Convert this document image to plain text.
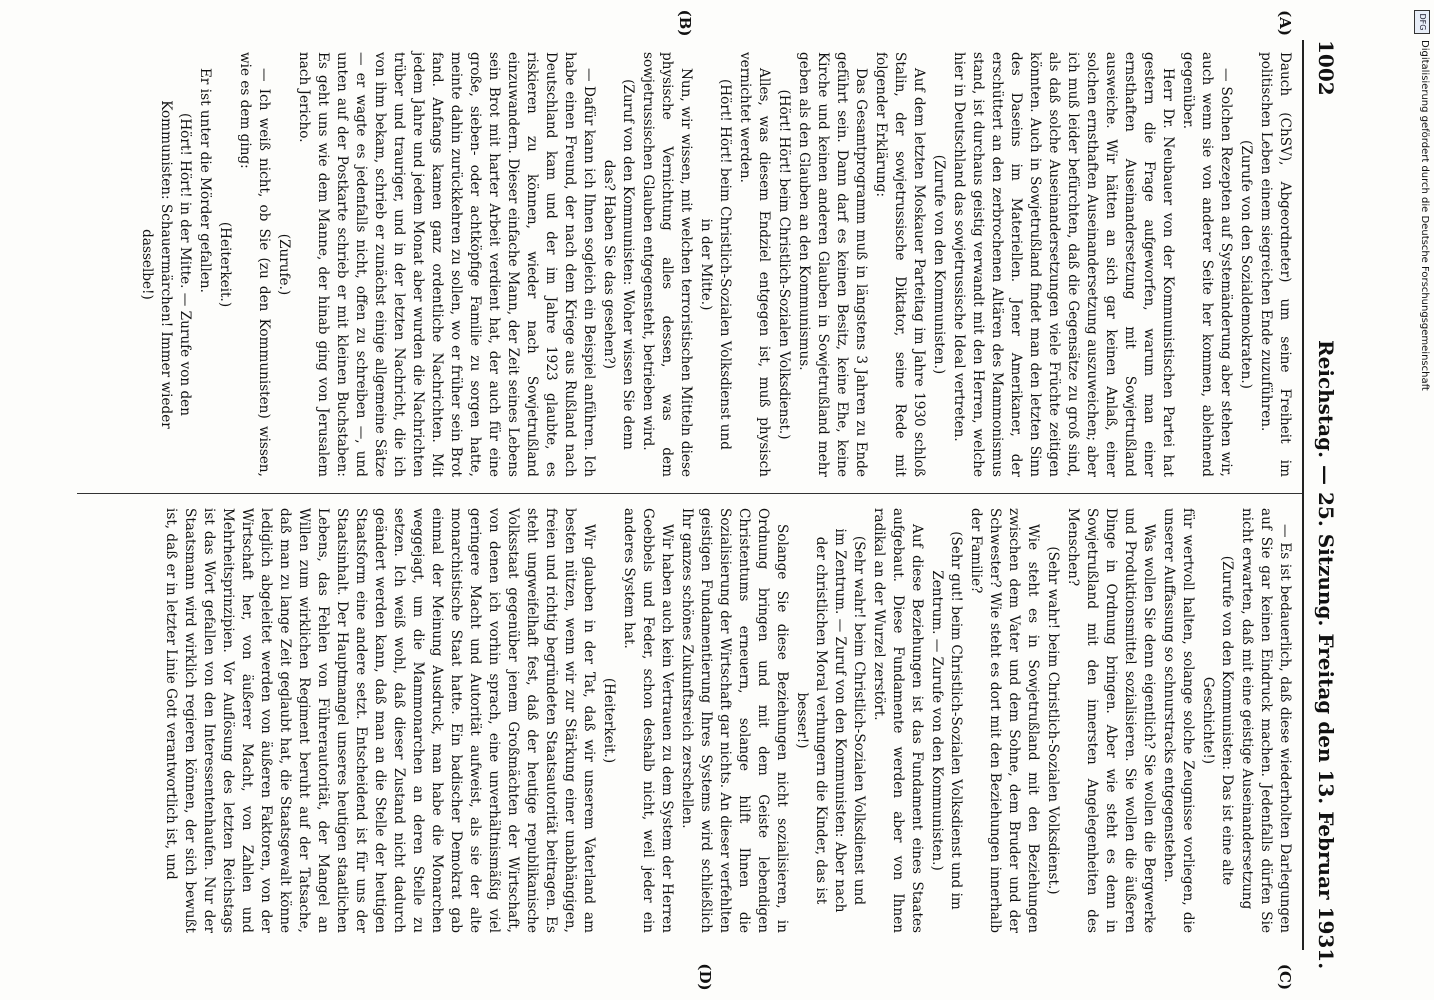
DFG
Digitalisierung gefördert durch die Deutsche Forschungsgemeinschaft
1002
Reichstag. — 25. Sitzung. Freitag den 13. Februar 1931.
(A)
(B)
(C)
(D)

Dauch (ChSV), Abgeordneter) um seine Freiheit im politischen Leben einem siegreichen Ende zuzuführen.

(Zurufe von den Sozialdemokraten.)

— Solchen Rezepten auf Systemänderung aber stehen wir, auch wenn sie von anderer Seite her kommen, ablehnend gegenüber.

Herr Dr. Neubauer von der Kommunistischen Partei hat gestern die Frage aufgeworfen, warum man einer ernsthaften Auseinandersetzung mit Sowjetrußland ausweiche. Wir hätten an sich gar keinen Anlaß, einer solchen ernsthaften Auseinandersetzung auszuweichen; aber ich muß leider befürchten, daß die Gegensätze zu groß sind, als daß solche Auseinandersetzungen viele Früchte zeitigen könnten. Auch in Sowjetrußland findet man den letzten Sinn des Daseins im Materiellen. Jener Amerikaner, der erschüttert an den zerbrochenen Altären des Mammonismus stand, ist durchaus geistig verwandt mit den Herren, welche hier in Deutschland das sowjetrussische Ideal vertreten.

(Zurufe von den Kommunisten.)

Auf dem letzten Moskauer Parteitag im Jahre 1930 schloß Stalin, der sowjetrussische Diktator, seine Rede mit folgender Erklärung:

Das Gesamtprogramm muß in längstens 3 Jahren zu Ende geführt sein. Dann darf es keinen Besitz, keine Ehe, keine Kirche und keinen anderen Glauben in Sowjetrußland mehr geben als den Glauben an den Kommunismus.

(Hört! Hört! beim Christlich-Sozialen Volksdienst.)

Alles, was diesem Endziel entgegen ist, muß physisch vernichtet werden.

(Hört! Hört! beim Christlich-Sozialen Volksdienst und in der Mitte.)

Nun, wir wissen, mit welchen terroristischen Mitteln diese physische Vernichtung alles dessen, was dem sowjetrussischen Glauben entgegensteht, betrieben wird.

(Zuruf von den Kommunisten: Woher wissen Sie denn das? Haben Sie das gesehen?)

— Dafür kann ich Ihnen sogleich ein Beispiel anführen. Ich habe einen Freund, der nach dem Kriege aus Rußland nach Deutschland kam und der im Jahre 1923 glaubte, es riskieren zu können, wieder nach Sowjetrußland einzuwandern. Dieser einfache Mann, der Zeit seines Lebens sein Brot mit harter Arbeit verdient hat, der auch für eine große, sieben- oder achtköpfige Familie zu sorgen hatte, meinte dahin zurückkehren zu sollen, wo er früher sein Brot fand. Anfangs kamen ganz ordentliche Nachrichten. Mit jedem Jahre und jedem Monat aber wurden die Nachrichten trüber und trauriger, und in der letzten Nachricht, die ich von ihm bekam, schrieb er zunächst einige allgemeine Sätze — er wagte es jedenfalls nicht, offen zu schreiben —, und unten auf der Postkarte schrieb er mit kleinen Buchstaben: Es geht uns wie dem Manne, der hinab ging von Jerusalem nach Jericho.

(Zurufe.)

— Ich weiß nicht, ob Sie (zu den Kommunisten) wissen, wie es dem ging:

(Heiterkeit.)

Er ist unter die Mörder gefallen.

(Hört! Hört! in der Mitte. — Zurufe von den Kommunisten: Schauermärchen! Immer wieder dasselbe!)

— Es ist bedauerlich, daß diese wiederholten Darlegungen auf Sie gar keinen Eindruck machen. Jedenfalls dürfen Sie nicht erwarten, daß mit eine geistige Auseinandersetzung

(Zurufe von den Kommunisten: Das ist eine alte Geschichte!)

für wertvoll halten, solange solche Zeugnisse vorliegen, die unserer Auffassung so schnurstracks entgegenstehen.

Was wollen Sie denn eigentlich? Sie wollen die Bergwerke und Produktionsmittel sozialisieren. Sie wollen die äußeren Dinge in Ordnung bringen. Aber wie steht es denn in Sowjetrußland mit den innersten Angelegenheiten des Menschen?

(Sehr wahr! beim Christlich-Sozialen Volksdienst.)

Wie steht es in Sowjetrußland mit den Beziehungen zwischen dem Vater und dem Sohne, dem Bruder und der Schwester? Wie steht es dort mit den Beziehungen innerhalb der Familie?

(Sehr gut! beim Christlich-Sozialen Volksdienst und im Zentrum. — Zurufe von den Kommunisten.)

Auf diese Beziehungen ist das Fundament eines Staates aufgebaut. Diese Fundamente werden aber von Ihnen radikal an der Wurzel zerstört.

(Sehr wahr! beim Christlich-Sozialen Volksdienst und im Zentrum. — Zuruf von den Kommunisten: Aber nach der christlichen Moral verhungern die Kinder, das ist besser!)

Solange Sie diese Beziehungen nicht sozialisieren, in Ordnung bringen und mit dem Geiste lebendigen Christentums erneuern, solange hilft Ihnen die Sozialisierung der Wirtschaft gar nichts. An dieser verfehlten geistigen Fundamentierung Ihres Systems wird schließlich Ihr ganzes schönes Zukunftsreich zerschellen.

Wir haben auch kein Vertrauen zu dem System der Herren Goebbels und Feder, schon deshalb nicht, weil jeder ein anderes System hat.

(Heiterkeit.)

Wir glauben in der Tat, daß wir unserem Vaterland am besten nützen, wenn wir zur Stärkung einer unabhängigen, freien und richtig begründeten Staatsautorität beitragen. Es steht ungweifelhaft fest, daß der heutige republikanische Volksstaat gegenüber jenem Großmächten der Wirtschaft, von denen ich vorhin sprach, eine unverhältnismäßig viel geringere Macht und Autorität aufweist, als sie der alte monarchistische Staat hatte. Ein badischer Demokrat gab einmal der Meinung Ausdruck, man habe die Monarchen weggejagt, um die Mammonarchen an deren Stelle zu setzen. Ich weiß wohl, daß dieser Zustand nicht dadurch geändert werden kann, daß man an die Stelle der heutigen Staatsform eine andere setzt. Entscheidend ist für uns der Staatsinhalt. Der Hauptmangel unseres heutigen staatlichen Lebens, das Fehlen von Führerautorität, der Mangel an Willen zum wirklichen Regiment beruht auf der Tatsache, daß man zu lange Zeit geglaubt hat, die Staatsgewalt könne lediglich abgeleitet werden von äußeren Faktoren, von der Wirtschaft her, von äußerer Macht, von Zahlen und Mehrheitsprinzipien. Vor Auflösung des letzten Reichstags ist das Wort gefallen von den Interessentenhaufen. Nur der Staatsmann wird wirklich regieren können, der sich bewußt ist, daß er in letzter Linie Gott verantwortlich ist, und
